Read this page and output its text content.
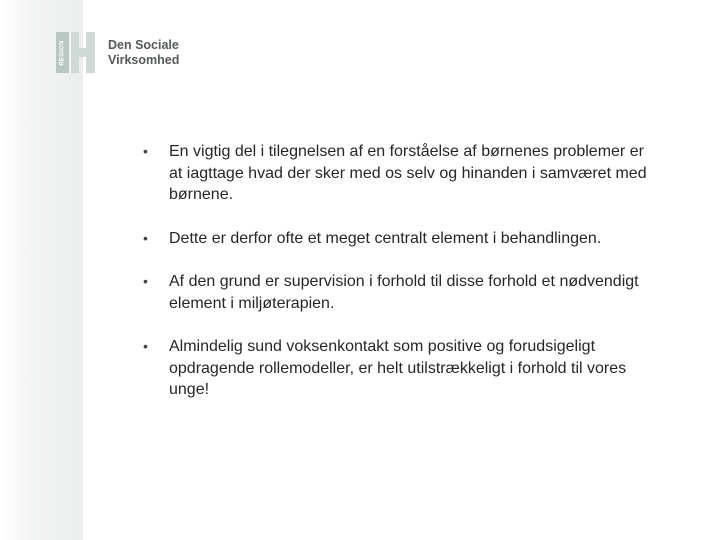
REGION	Den Sociale
Virksomhed
• En vigtig del i tilegnelsen af en forståelse af børnenes problemer er at iagttage hvad der sker med os selv og hinanden i samværet med børnene.
• Dette er derfor ofte et meget centralt element i behandlingen.
• Af den grund er supervision i forhold til disse forhold et nødvendigt element i miljøterapien.
• Almindelig sund voksenkontakt som positive og forudsigeligt opdragende rollemodeller, er helt utilstrækkeligt i forhold til vores unge!
